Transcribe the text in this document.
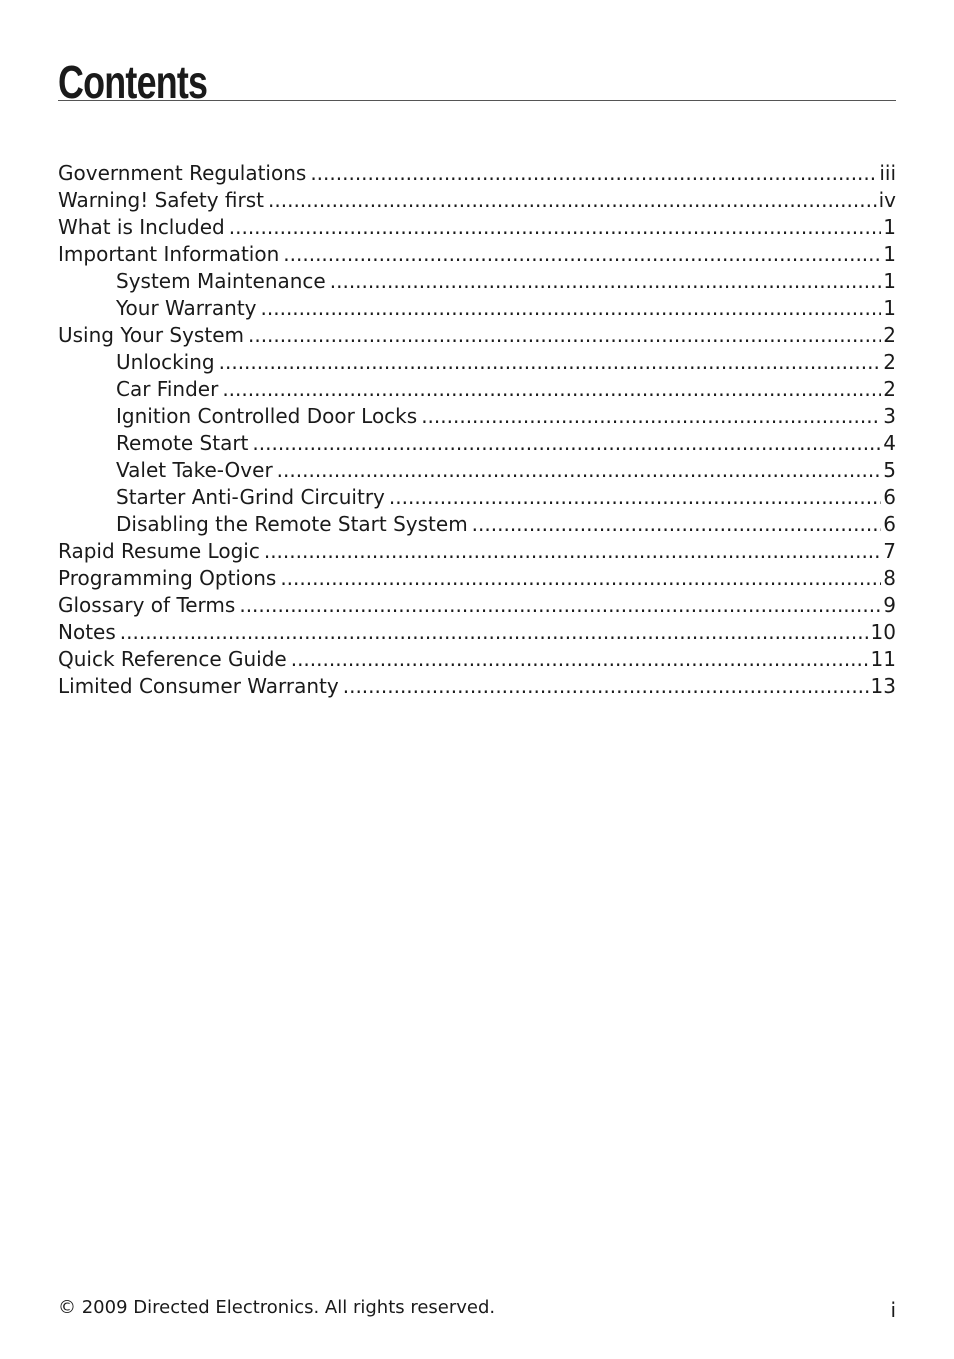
Contents
Government Regulations .....	iii
Warning! Safety first .....	iv
What is Included .....	1
Important Information .....	1
System Maintenance .....	1
Your Warranty .....	1
Using Your System .....	2
Unlocking .....	2
Car Finder .....	2
Ignition Controlled Door Locks .....	3
Remote Start .....	4
Valet Take-Over .....	5
Starter Anti-Grind Circuitry .....	6
Disabling the Remote Start System .....	6
Rapid Resume Logic .....	7
Programming Options .....	8
Glossary of Terms .....	9
Notes .....	10
Quick Reference Guide .....	11
Limited Consumer Warranty .....	13
© 2009 Directed Electronics. All rights reserved.	i
